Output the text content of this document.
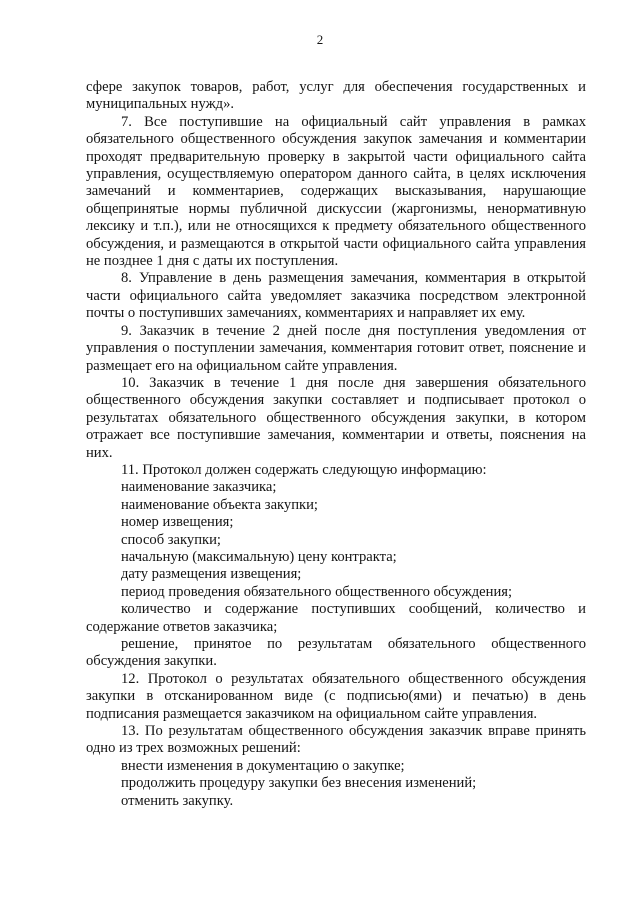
2

сфере закупок товаров, работ, услуг для обеспечения государственных и муниципальных нужд».

7. Все поступившие на официальный сайт управления в рамках обязательного общественного обсуждения закупок замечания и комментарии проходят предварительную проверку в закрытой части официального сайта управления, осуществляемую оператором данного сайта, в целях исключения замечаний и комментариев, содержащих высказывания, нарушающие общепринятые нормы публичной дискуссии (жаргонизмы, ненормативную лексику и т.п.), или не относящихся к предмету обязательного общественного обсуждения, и размещаются в открытой части официального сайта управления не позднее 1 дня с даты их поступления.

8. Управление в день размещения замечания, комментария в открытой части официального сайта уведомляет заказчика посредством электронной почты о поступивших замечаниях, комментариях и направляет их ему.

9. Заказчик в течение 2 дней после дня поступления уведомления от управления о поступлении замечания, комментария готовит ответ, пояснение и размещает его на официальном сайте управления.

10. Заказчик в течение 1 дня после дня завершения обязательного общественного обсуждения закупки составляет и подписывает протокол о результатах обязательного общественного обсуждения закупки, в котором отражает все поступившие замечания, комментарии и ответы, пояснения на них.

11. Протокол должен содержать следующую информацию:

наименование заказчика;

наименование объекта закупки;

номер извещения;

способ закупки;

начальную (максимальную) цену контракта;

дату размещения извещения;

период проведения обязательного общественного обсуждения;

количество и содержание поступивших сообщений, количество и содержание ответов заказчика;

решение, принятое по результатам обязательного общественного обсуждения закупки.

12. Протокол о результатах обязательного общественного обсуждения закупки в отсканированном виде (с подписью(ями) и печатью) в день подписания размещается заказчиком на официальном сайте управления.

13. По результатам общественного обсуждения заказчик вправе принять одно из трех возможных решений:

внести изменения в документацию о закупке;

продолжить процедуру закупки без внесения изменений;

отменить закупку.
